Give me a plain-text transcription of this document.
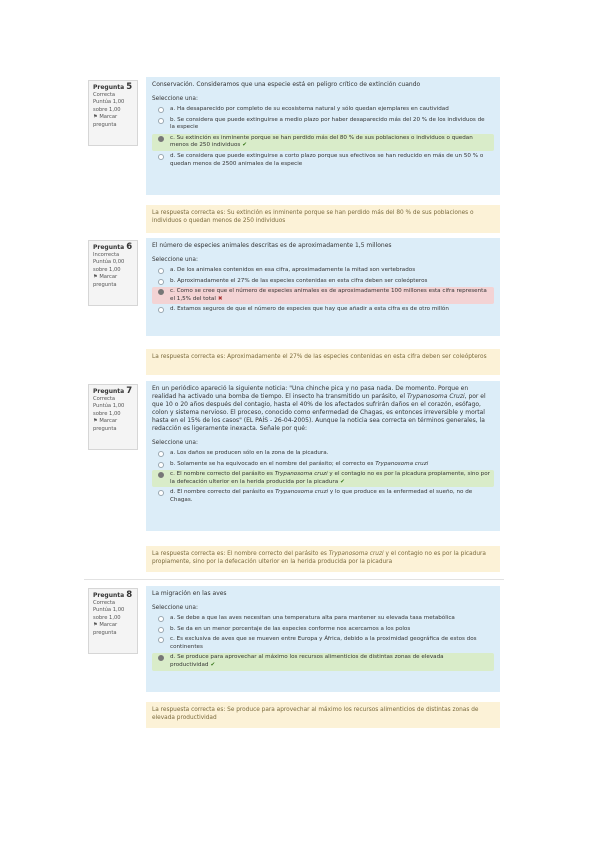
Pregunta 5
Correcta
Puntúa 1,00
sobre 1,00
⚑ Marcar
pregunta
Conservación. Consideramos que una especie está en peligro crítico de extinción cuando
Seleccione una:
a. Ha desaparecido por completo de su ecosistema natural y sólo quedan ejemplares en cautividad
b. Se considera que puede extinguirse a medio plazo por haber desaparecido más del 20 % de los individuos de la especie
c. Su extinción es inminente porque se han perdido más del 80 % de sus poblaciones o individuos o quedan menos de 250 individuos ✔
d. Se considera que puede extinguirse a corto plazo porque sus efectivos se han reducido en más de un 50 % o quedan menos de 2500 animales de la especie
La respuesta correcta es: Su extinción es inminente porque se han perdido más del 80 % de sus poblaciones o individuos o quedan menos de 250 individuos
Pregunta 6
Incorrecta
Puntúa 0,00
sobre 1,00
⚑ Marcar
pregunta
El número de especies animales descritas es de aproximadamente 1,5 millones
Seleccione una:
a. De los animales contenidos en esa cifra, aproximadamente la mitad son vertebrados
b. Aproximadamente el 27% de las especies contenidas en esta cifra deben ser coleópteros
c. Como se cree que el número de especies animales es de aproximadamente 100 millones esta cifra representa el 1,5% del total ✖
d. Estamos seguros de que el número de especies que hay que añadir a esta cifra es de otro millón
La respuesta correcta es: Aproximadamente el 27% de las especies contenidas en esta cifra deben ser coleópteros
Pregunta 7
Correcta
Puntúa 1,00
sobre 1,00
⚑ Marcar
pregunta
En un periódico apareció la siguiente noticia: "Una chinche pica y no pasa nada. De momento. Porque en realidad ha activado una bomba de tiempo. El insecto ha transmitido un parásito, el Trypanosoma Cruzi, por el que 10 o 20 años después del contagio, hasta el 40% de los afectados sufrirán daños en el corazón, esófago, colon y sistema nervioso. El proceso, conocido como enfermedad de Chagas, es entonces irreversible y mortal hasta en el 15% de los casos" (EL PAÍS - 26-04-2005). Aunque la noticia sea correcta en términos generales, la redacción es ligeramente inexacta. Señale por qué:
Seleccione una:
a. Los daños se producen sólo en la zona de la picadura.
b. Solamente se ha equivocado en el nombre del parásito; el correcto es Trypanosoma cruzi
c. El nombre correcto del parásito es Trypanosoma cruzi y el contagio no es por la picadura propiamente, sino por la defecación ulterior en la herida producida por la picadura ✔
d. El nombre correcto del parásito es Trypanosoma cruzi y lo que produce es la enfermedad el sueño, no de Chagas.
La respuesta correcta es: El nombre correcto del parásito es Trypanosoma cruzi y el contagio no es por la picadura propiamente, sino por la defecación ulterior en la herida producida por la picadura
Pregunta 8
Correcta
Puntúa 1,00
sobre 1,00
⚑ Marcar
pregunta
La migración en las aves
Seleccione una:
a. Se debe a que las aves necesitan una temperatura alta para mantener su elevada tasa metabólica
b. Se da en un menor porcentaje de las especies conforme nos acercamos a los polos
c. Es exclusiva de aves que se mueven entre Europa y África, debido a la proximidad geográfica de estos dos continentes
d. Se produce para aprovechar al máximo los recursos alimenticios de distintas zonas de elevada productividad ✔
La respuesta correcta es: Se produce para aprovechar al máximo los recursos alimenticios de distintas zonas de elevada productividad
